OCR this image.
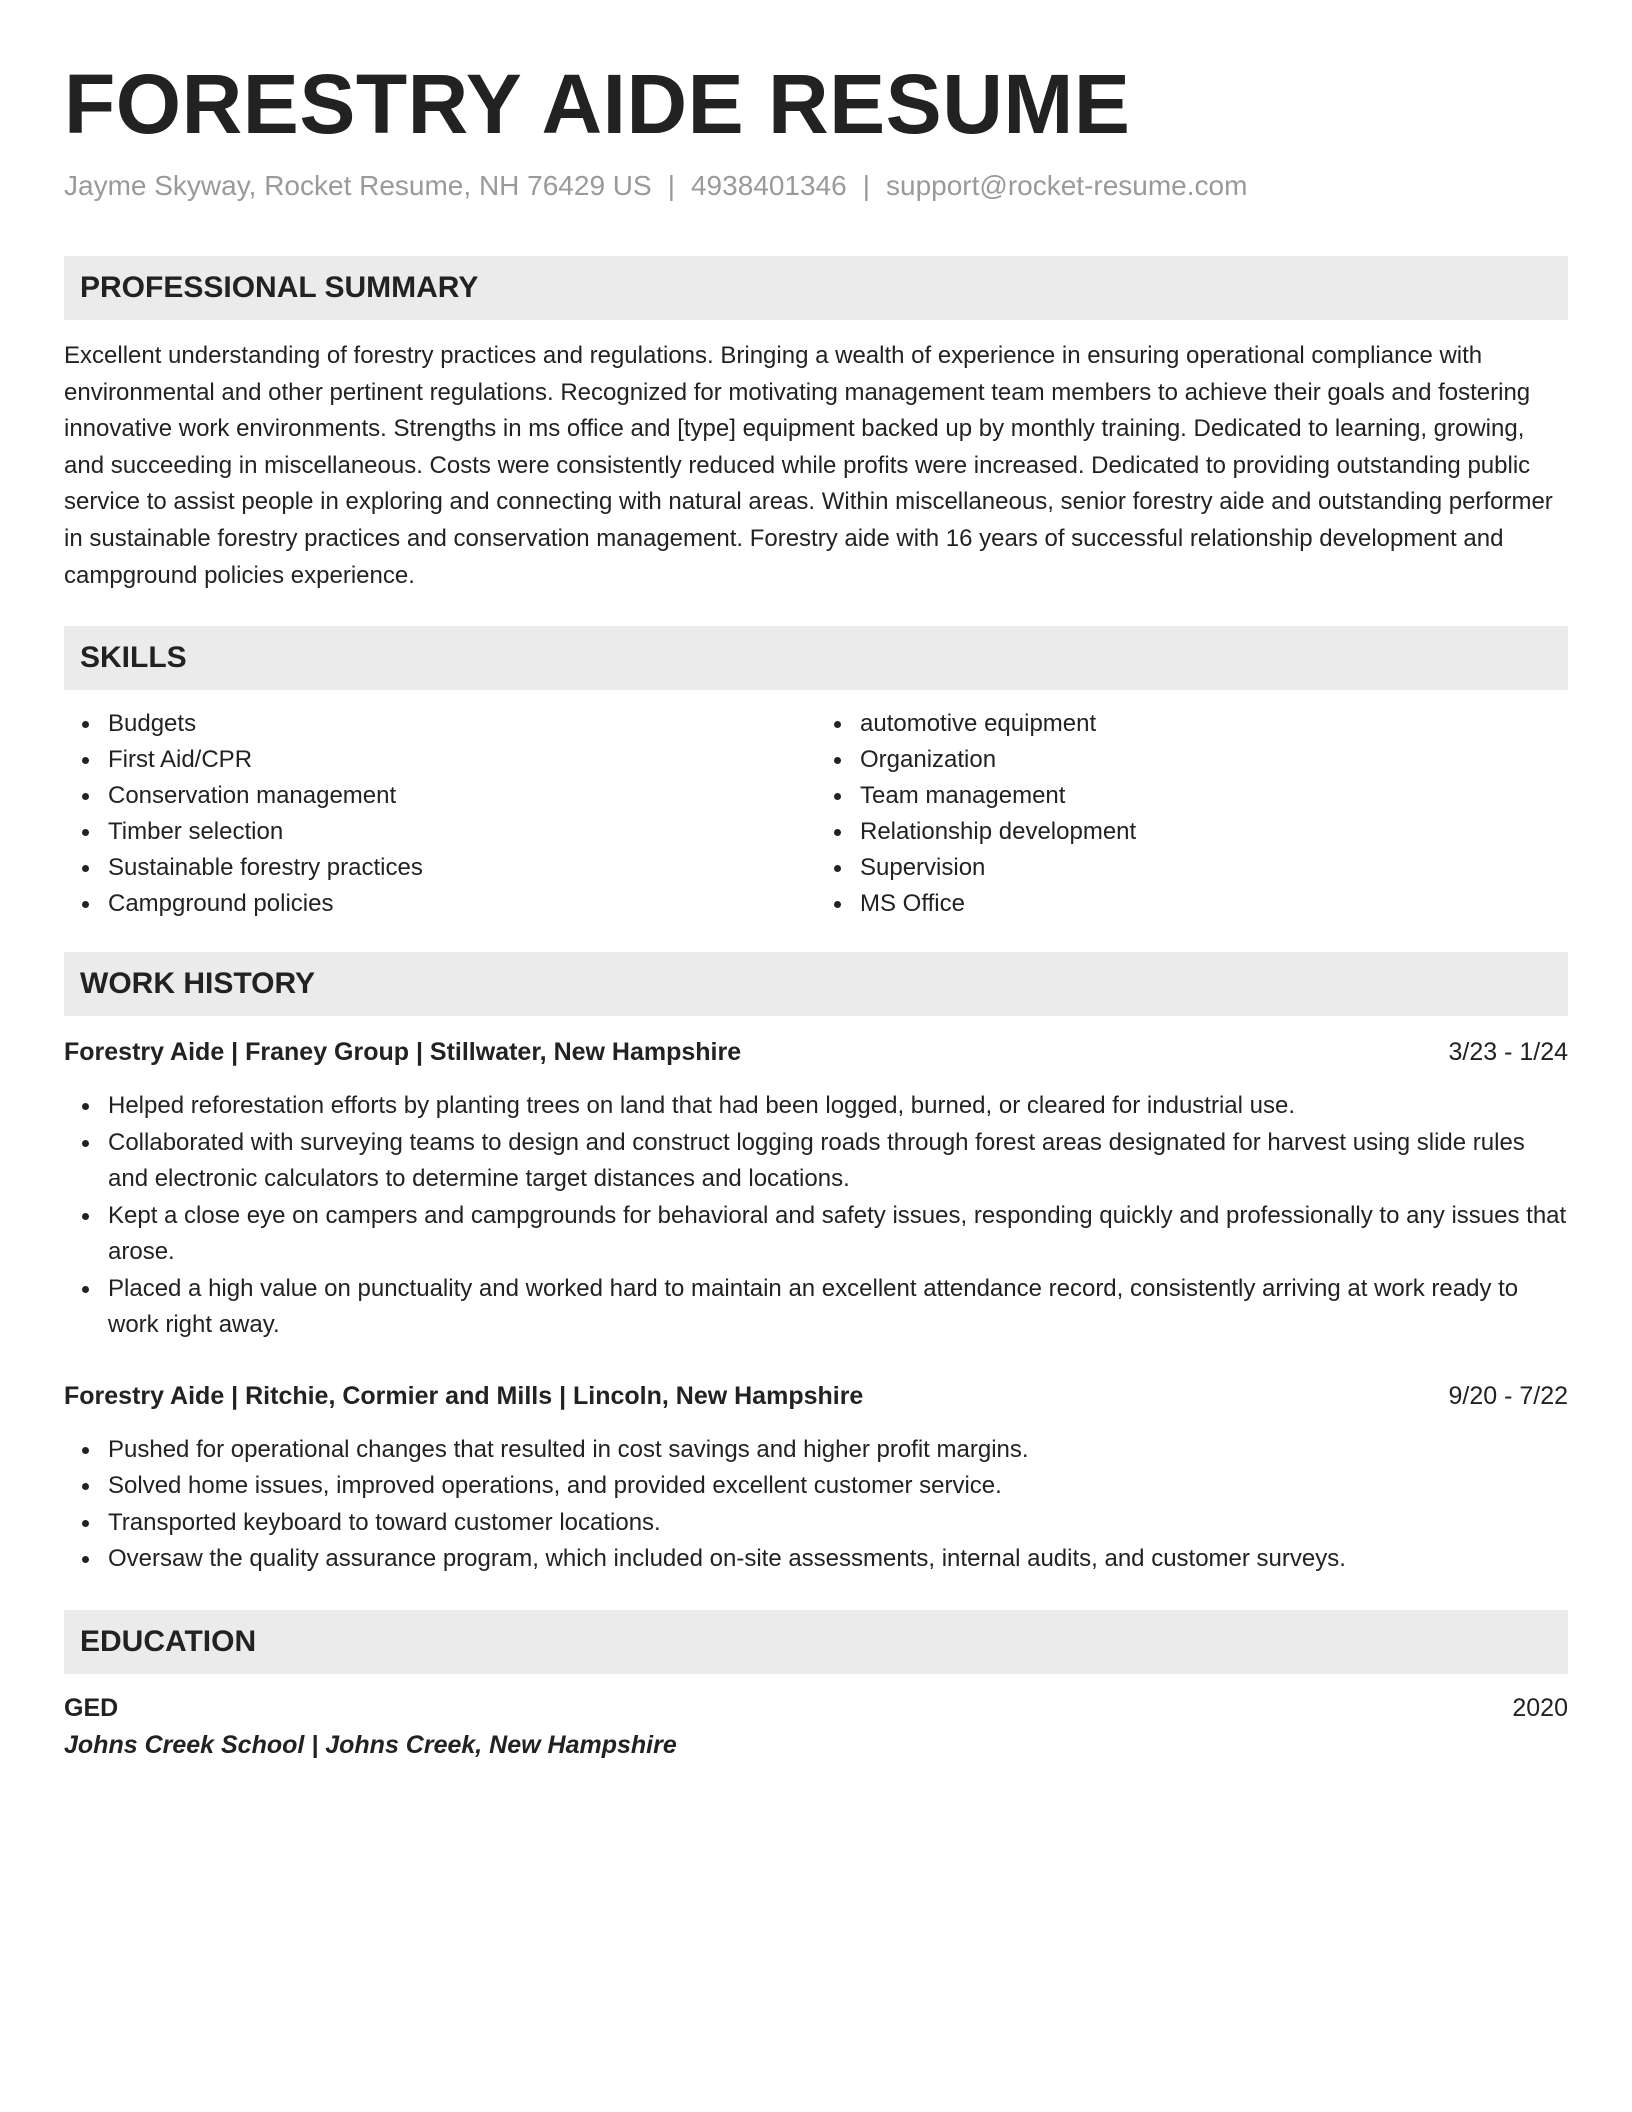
FORESTRY AIDE RESUME
Jayme Skyway, Rocket Resume, NH 76429 US | 4938401346 | support@rocket-resume.com
PROFESSIONAL SUMMARY

Excellent understanding of forestry practices and regulations. Bringing a wealth of experience in ensuring operational compliance with environmental and other pertinent regulations. Recognized for motivating management team members to achieve their goals and fostering innovative work environments. Strengths in ms office and [type] equipment backed up by monthly training. Dedicated to learning, growing, and succeeding in miscellaneous. Costs were consistently reduced while profits were increased. Dedicated to providing outstanding public service to assist people in exploring and connecting with natural areas. Within miscellaneous, senior forestry aide and outstanding performer in sustainable forestry practices and conservation management. Forestry aide with 16 years of successful relationship development and campground policies experience.

SKILLS
Budgets
First Aid/CPR
Conservation management
Timber selection
Sustainable forestry practices
Campground policies
automotive equipment
Organization
Team management
Relationship development
Supervision
MS Office
WORK HISTORY
Forestry Aide | Franey Group | Stillwater, New Hampshire	3/23 - 1/24
Helped reforestation efforts by planting trees on land that had been logged, burned, or cleared for industrial use.
Collaborated with surveying teams to design and construct logging roads through forest areas designated for harvest using slide rules and electronic calculators to determine target distances and locations.
Kept a close eye on campers and campgrounds for behavioral and safety issues, responding quickly and professionally to any issues that arose.
Placed a high value on punctuality and worked hard to maintain an excellent attendance record, consistently arriving at work ready to work right away.
Forestry Aide | Ritchie, Cormier and Mills | Lincoln, New Hampshire	9/20 - 7/22
Pushed for operational changes that resulted in cost savings and higher profit margins.
Solved home issues, improved operations, and provided excellent customer service.
Transported keyboard to toward customer locations.
Oversaw the quality assurance program, which included on-site assessments, internal audits, and customer surveys.
EDUCATION
GED	2020
Johns Creek School | Johns Creek, New Hampshire
